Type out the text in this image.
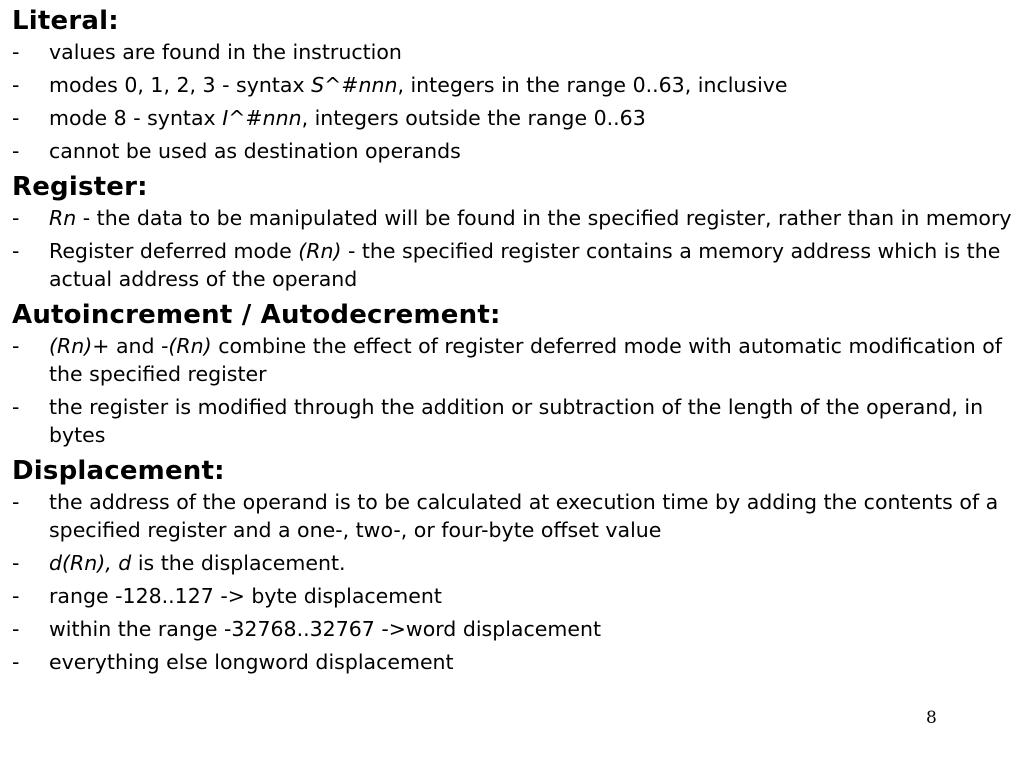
Literal:
- values are found in the instruction
- modes 0, 1, 2, 3 - syntax S^#nnn, integers in the range 0..63, inclusive
- mode 8 - syntax I^#nnn, integers outside the range 0..63
- cannot be used as destination operands
Register:
- Rn - the data to be manipulated will be found in the specified register, rather than in memory
- Register deferred mode (Rn) - the specified register contains a memory address which is the actual address of the operand
Autoincrement / Autodecrement:
- (Rn)+ and -(Rn) combine the effect of register deferred mode with automatic modification of the specified register
- the register is modified through the addition or subtraction of the length of the operand, in bytes
Displacement:
- the address of the operand is to be calculated at execution time by adding the contents of a specified register and a one-, two-, or four-byte offset value
- d(Rn), d is the displacement.
- range -128..127 -> byte displacement
- within the range -32768..32767 ->word displacement
- everything else longword displacement
8
